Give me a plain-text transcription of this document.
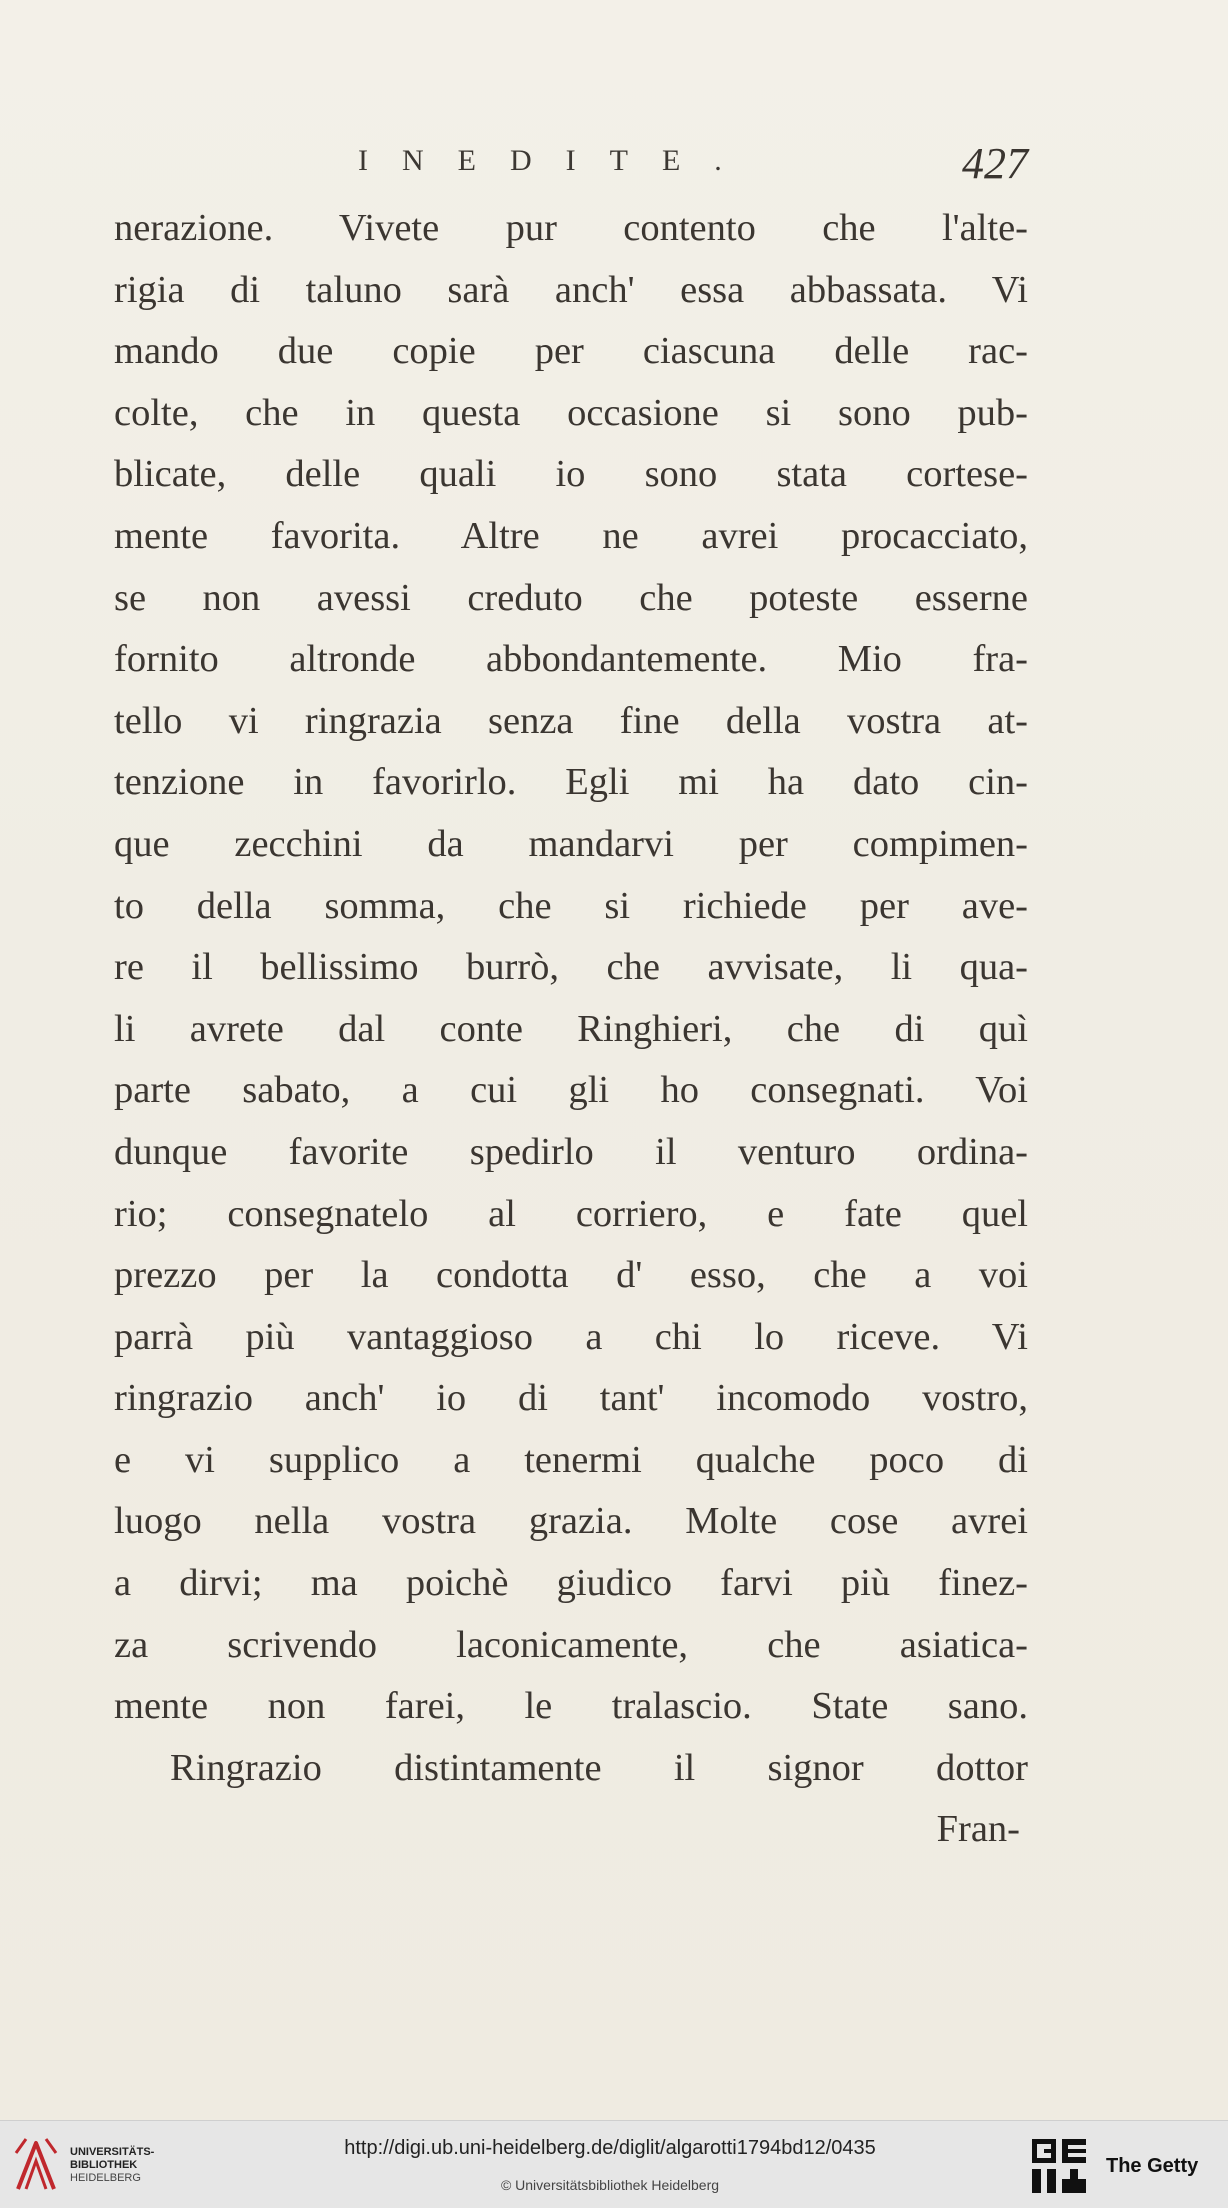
INEDITE.	427
nerazione. Vivete pur contento che l'alte-
rigia di taluno sarà anch' essa abbassata. Vi
mando due copie per ciascuna delle rac-
colte, che in questa occasione si sono pub-
blicate, delle quali io sono stata cortese-
mente favorita. Altre ne avrei procacciato,
se non avessi creduto che poteste esserne
fornito altronde abbondantemente. Mio fra-
tello vi ringrazia senza fine della vostra at-
tenzione in favorirlo. Egli mi ha dato cin-
que zecchini da mandarvi per compimen-
to della somma, che si richiede per ave-
re il bellissimo burrò, che avvisate, li qua-
li avrete dal conte Ringhieri, che di quì
parte sabato, a cui gli ho consegnati. Voi
dunque favorite spedirlo il venturo ordina-
rio; consegnatelo al corriero, e fate quel
prezzo per la condotta d' esso, che a voi
parrà più vantaggioso a chi lo riceve. Vi
ringrazio anch' io di tant' incomodo vostro,
e vi supplico a tenermi qualche poco di
luogo nella vostra grazia. Molte cose avrei
a dirvi; ma poichè giudico farvi più finez-
za scrivendo laconicamente, che asiatica-
mente non farei, le tralascio. State sano.
Ringrazio distintamente il signor dottor
Fran-
UNIVERSITÄTS-
BIBLIOTHEK
HEIDELBERG
http://digi.ub.uni-heidelberg.de/diglit/algarotti1794bd12/0435
© Universitätsbibliothek Heidelberg
The Getty
